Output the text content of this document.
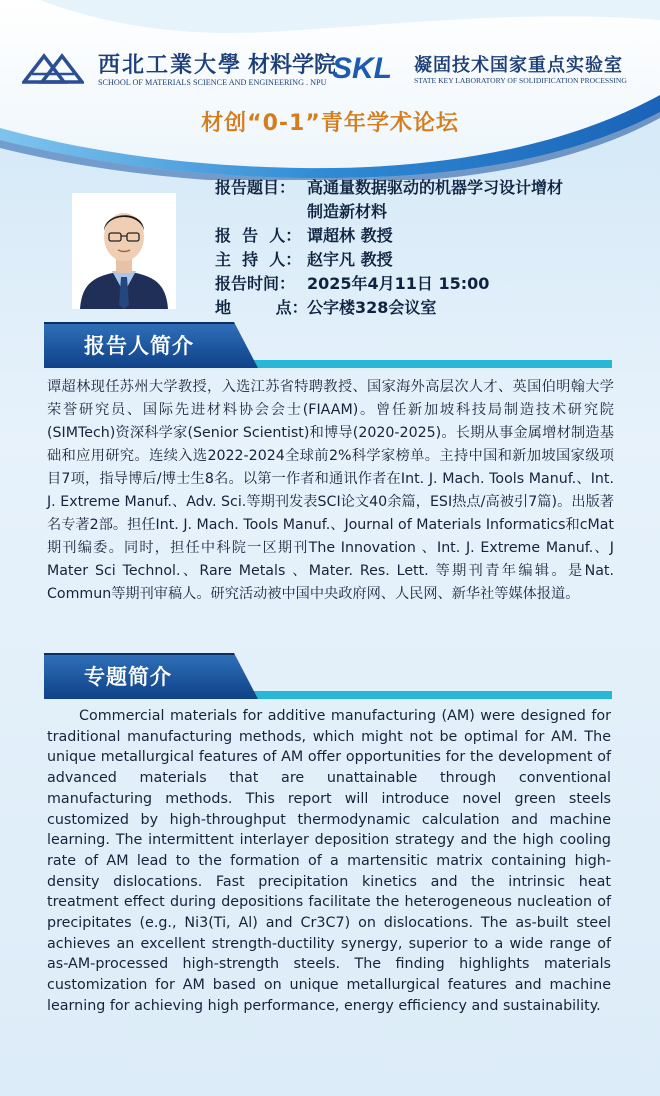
西北工業大學 材料学院
SCHOOL OF MATERIALS SCIENCE AND ENGINEERING . NPU SKL 凝固技术国家重点实验室
STATE KEY LABORATORY OF SOLIDIFICATION PROCESSING
材创“0-1”青年学术论坛
报告题目： 高通量数据驱动的机器学习设计增材
制造新材料
报  告  人： 谭超林 教授
主  持  人： 赵宇凡 教授
报告时间： 2025年4月11日 15:00
地        点： 公字楼328会议室
报告人简介
谭超林现任苏州大学教授，入选江苏省特聘教授、国家海外高层次人才、英国伯明翰大学荣誉研究员、国际先进材料协会会士(FIAAM)。曾任新加坡科技局制造技术研究院(SIMTech)资深科学家(Senior Scientist)和博导(2020-2025)。长期从事金属增材制造基础和应用研究。连续入选2022-2024全球前2%科学家榜单。主持中国和新加坡国家级项目7项，指导博后/博士生8名。以第一作者和通讯作者在Int. J. Mach. Tools Manuf.、Int. J. Extreme Manuf.、Adv. Sci.等期刊发表SCI论文40余篇，ESI热点/高被引7篇)。出版著名专著2部。担任Int. J. Mach. Tools Manuf.、Journal of Materials Informatics和cMat期刊编委。同时，担任中科院一区期刊The Innovation 、Int. J. Extreme Manuf.、J Mater Sci Technol.、Rare Metals 、Mater. Res. Lett. 等期刊青年编辑。是Nat. Commun等期刊审稿人。研究活动被中国中央政府网、人民网、新华社等媒体报道。
专题简介
Commercial materials for additive manufacturing (AM) were designed for traditional manufacturing methods, which might not be optimal for AM. The unique metallurgical features of AM offer opportunities for the development of advanced materials that are unattainable through conventional manufacturing methods. This report will introduce novel green steels customized by high-throughput thermodynamic calculation and machine learning. The intermittent interlayer deposition strategy and the high cooling rate of AM lead to the formation of a martensitic matrix containing high-density dislocations. Fast precipitation kinetics and the intrinsic heat treatment effect during depositions facilitate the heterogeneous nucleation of precipitates (e.g., Ni3(Ti, Al) and Cr3C7) on dislocations. The as-built steel achieves an excellent strength-ductility synergy, superior to a wide range of as-AM-processed high-strength steels. The finding highlights materials customization for AM based on unique metallurgical features and machine learning for achieving high performance, energy efficiency and sustainability.
